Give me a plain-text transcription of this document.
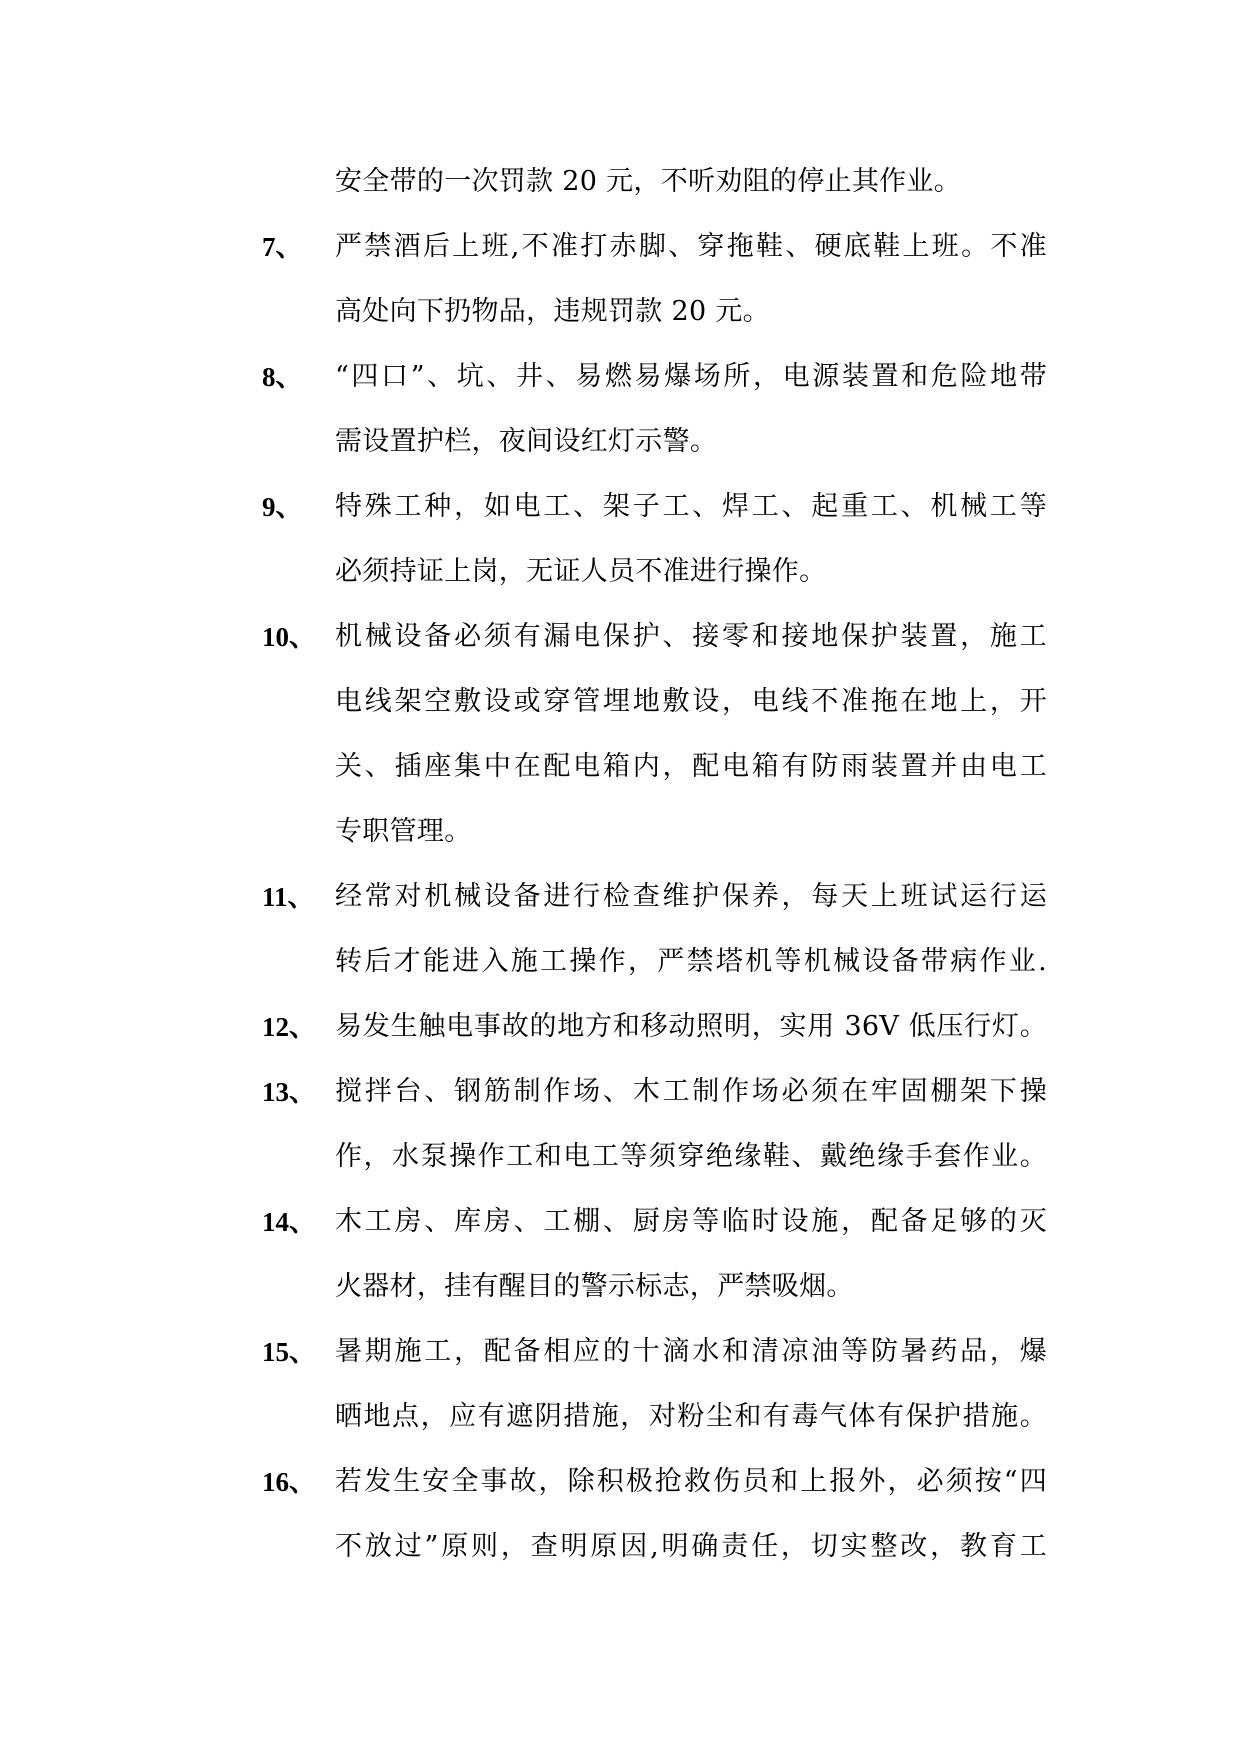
安全带的一次罚款 20 元，不听劝阻的停止其作业。
7、 严禁酒后上班,不准打赤脚、穿拖鞋、硬底鞋上班。不准
高处向下扔物品，违规罚款 20 元。
8、 “四口”、坑、井、易燃易爆场所，电源装置和危险地带
需设置护栏，夜间设红灯示警。
9、 特殊工种，如电工、架子工、焊工、起重工、机械工等
必须持证上岗，无证人员不准进行操作。
10、 机械设备必须有漏电保护、接零和接地保护装置，施工
电线架空敷设或穿管埋地敷设，电线不准拖在地上，开
关、插座集中在配电箱内，配电箱有防雨装置并由电工
专职管理。
11、 经常对机械设备进行检查维护保养，每天上班试运行运
转后才能进入施工操作，严禁塔机等机械设备带病作业.
12、 易发生触电事故的地方和移动照明，实用 36V 低压行灯。
13、 搅拌台、钢筋制作场、木工制作场必须在牢固棚架下操
作，水泵操作工和电工等须穿绝缘鞋、戴绝缘手套作业。
14、 木工房、库房、工棚、厨房等临时设施，配备足够的灭
火器材，挂有醒目的警示标志，严禁吸烟。
15、 暑期施工，配备相应的十滴水和清凉油等防暑药品，爆
晒地点，应有遮阴措施，对粉尘和有毒气体有保护措施。
16、 若发生安全事故，除积极抢救伤员和上报外，必须按“四
不放过”原则，查明原因,明确责任，切实整改，教育工
